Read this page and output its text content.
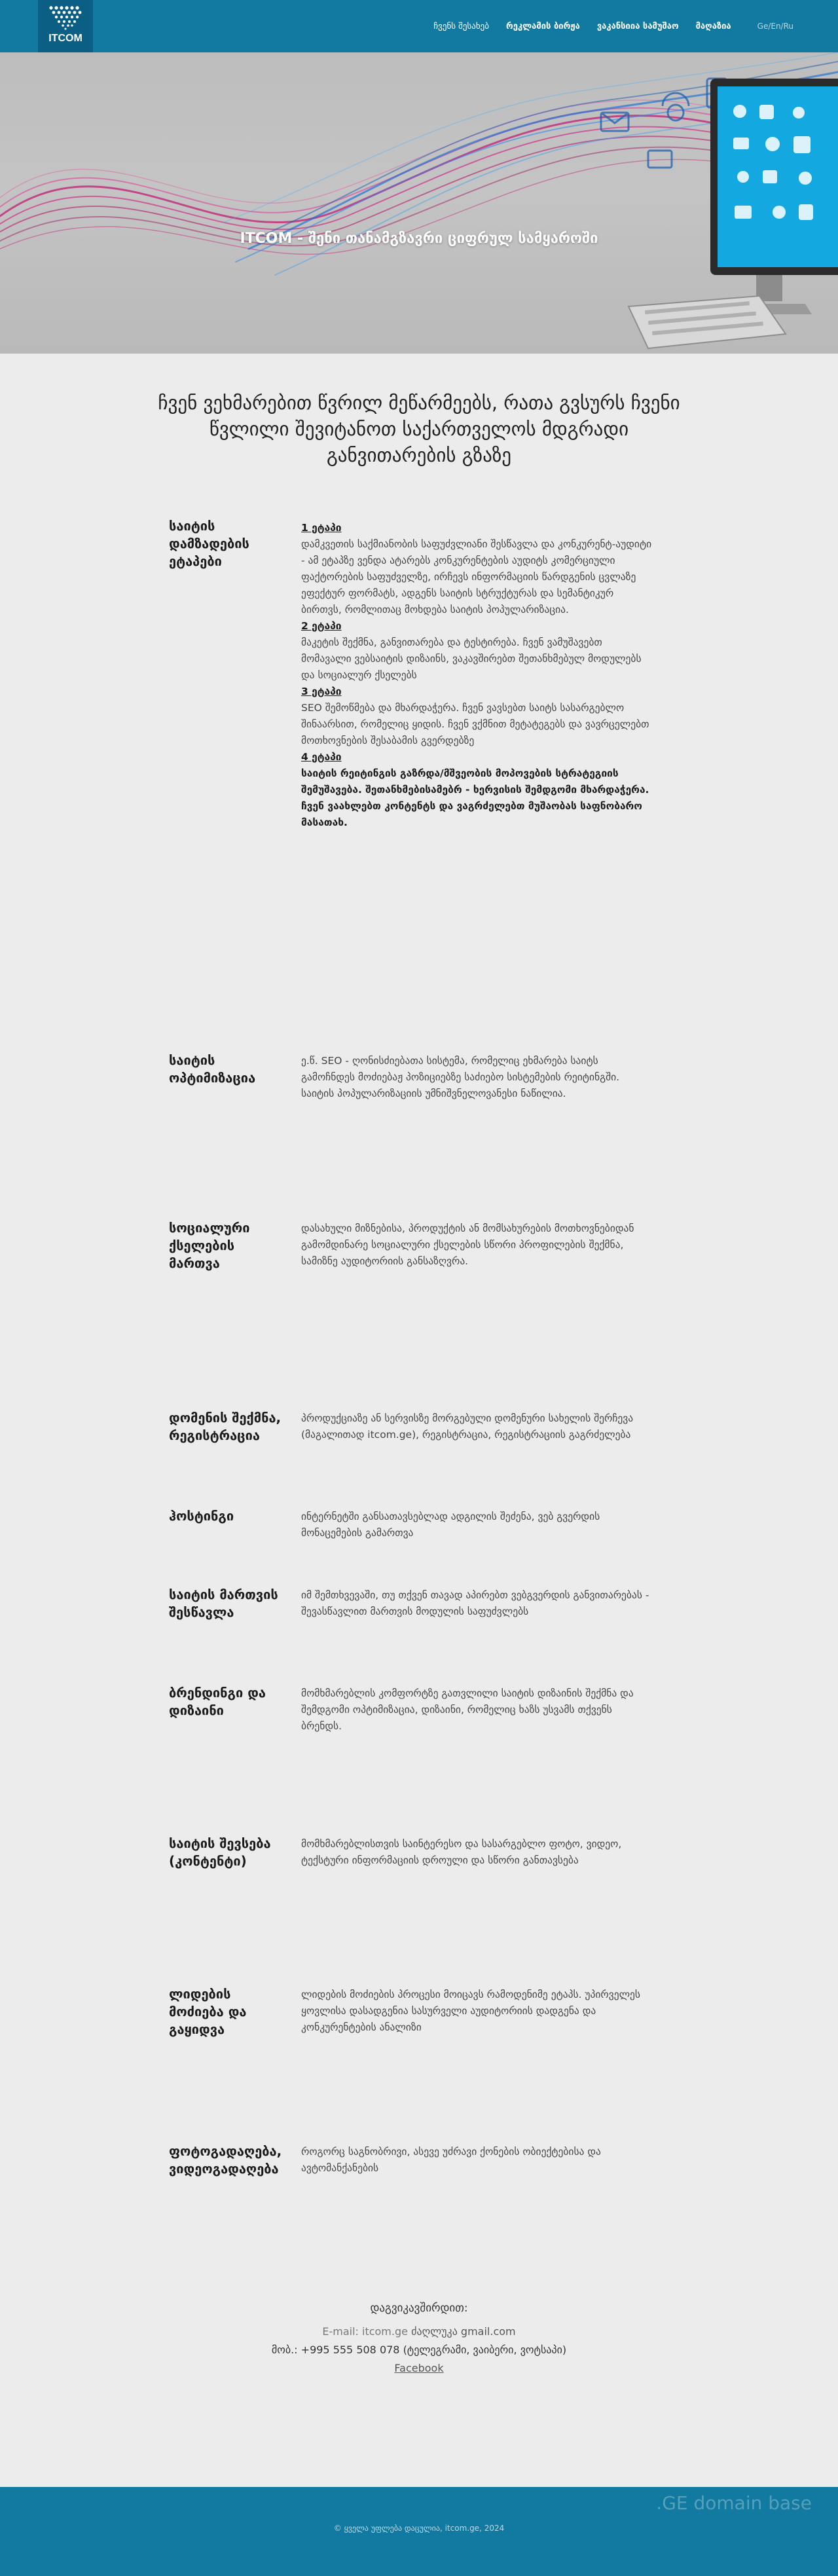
ITCOM
ჩვენს შესახებ რეკლამის ბირჟა ვაკანსიია სამუშაო მაღაზია	Ge/En/Ru
ITCOM - შენი თანამგზავრი ციფრულ სამყაროში
ჩვენ ვეხმარებით წვრილ მეწარმეებს, რათა გვსურს ჩვენი წვლილი შევიტანოთ საქართველოს მდგრადი განვითარების გზაზე
საიტის დამზადების ეტაპები
1 ეტაპი
დამკვეთის საქმიანობის საფუძვლიანი შესწავლა და კონკურენტ-აუდიტი - ამ ეტაპზე ვენდა ატარებს კონკურენტების აუდიტს კომერციული ფაქტორების საფუძველზე, ირჩევს ინფორმაციის წარდგენის ცვლაზე ეფექტურ ფორმატს, ადგენს საიტის სტრუქტურას და სემანტიკურ ბირთვს, რომლითაც მოხდება საიტის პოპულარიზაცია.
2 ეტაპი
მაკეტის შექმნა, განვითარება და ტესტირება. ჩვენ ვამუშავებთ მომავალი ვებსაიტის დიზაინს, ვაკავშირებთ შეთანხმებულ მოდულებს და სოციალურ ქსელებს
3 ეტაპი
SEO შემოწმება და მხარდაჭერა. ჩვენ ვავსებთ საიტს სასარგებლო შინაარსით, რომელიც ყიდის. ჩვენ ვქმნით მეტატეგებს და ვავრცელებთ მოთხოვნების შესაბამის გვერდებზე
4 ეტაპი
საიტის რეიტინგის გაზრდა/მშვეობის მოპოვების სტრატეგიის შემუშავება. შეთანხმებისამებრ - ხერვისის შემდგომი მხარდაჭერა. ჩვენ ვაახლებთ კონტენტს და ვაგრძელებთ მუშაობას საფნობარო მასათახ.
საიტის ოპტიმიზაცია
ე.წ. SEO - ღონისძიებათა სისტემა, რომელიც ეხმარება საიტს გამოჩნდეს მოძიებაჟ პოზიციებზე საძიებო სისტემების რეიტინგში. საიტის პოპულარიზაციის უმნიშვნელოვანესი ნაწილია.
სოციალური ქსელების მართვა
დასახული მიზნებისა, პროდუქტის ან მომსახურების მოთხოვნებიდან გამომდინარე სოციალური ქსელების სწორი პროფილების შექმნა, სამიზნე აუდიტორიის განსაზღვრა.
დომენის შექმნა, რეგისტრაცია
პროდუქციაზე ან სერვისზე მორგებული დომენური სახელის შერჩევა (მაგალითად itcom.ge), რეგისტრაცია, რეგისტრაციის გაგრძელება
ჰოსტინგი	ინტერნეტში განსათავსებლად ადგილის შეძენა, ვებ გვერდის მონაცემების გამართვა
საიტის მართვის შესწავლა
იმ შემთხვევაში, თუ თქვენ თავად აპირებთ ვებგვერდის განვითარებას - შევასწავლით მართვის მოდულის საფუძვლებს
ბრენდინგი და დიზაინი
მომხმარებლის კომფორტზე გათვლილი საიტის დიზაინის შექმნა და შემდგომი ოპტიმიზაცია, დიზაინი, რომელიც ხაზს უსვამს თქვენს ბრენდს.
საიტის შევსება (კონტენტი)
მომხმარებლისთვის საინტერესო და სასარგებლო ფოტო, ვიდეო, ტექსტური ინფორმაციის დროული და სწორი განთავსება
ლიდების მოძიება და გაყიდვა
ლიდების მოძიების პროცესი მოიცავს რამოდენიმე ეტაპს. უპირველეს ყოვლისა დასადგენია სასურველი აუდიტორიის დადგენა და კონკურენტების ანალიზი
ფოტოგადაღება, ვიდეოგადაღება
როგორც საგნობრივი, ასევე უძრავი ქონების ობიექტებისა და ავტომანქანების
დაგვიკავშირდით:
E-mail: itcom.ge ძაღლუკა gmail.com
მობ.: +995 555 508 078 (ტელეგრამი, ვაიბერი, ვოტსაპი)
Facebook
.GE domain base
© ყველა უფლება დაცულია, itcom.ge, 2024
